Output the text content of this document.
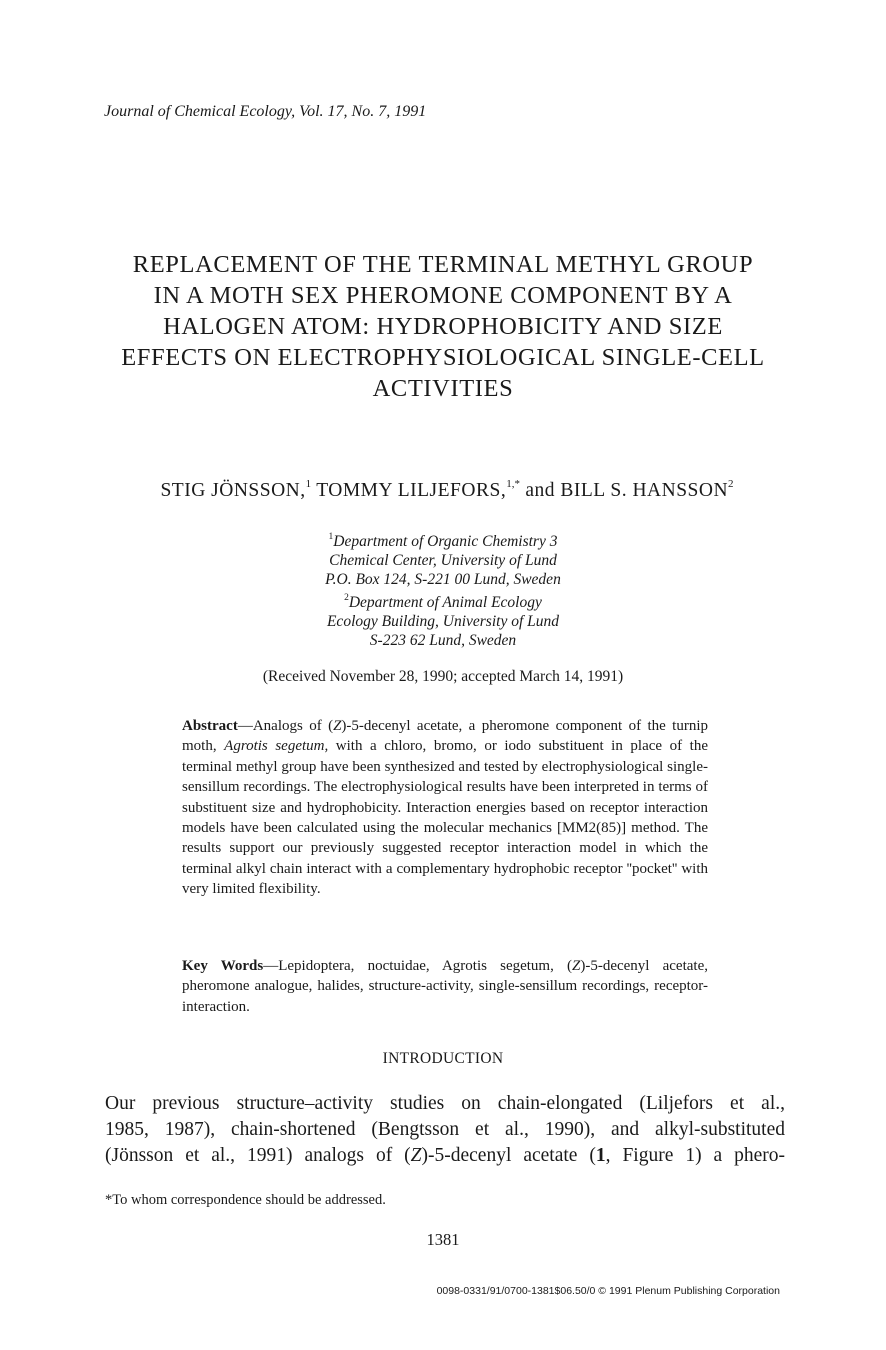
Journal of Chemical Ecology, Vol. 17, No. 7, 1991
REPLACEMENT OF THE TERMINAL METHYL GROUP
IN A MOTH SEX PHEROMONE COMPONENT BY A
HALOGEN ATOM: HYDROPHOBICITY AND SIZE
EFFECTS ON ELECTROPHYSIOLOGICAL SINGLE-CELL
ACTIVITIES
STIG JÖNSSON,$^1$ TOMMY LILJEFORS,$^{1,*}$ and BILL S. HANSSON$^2$
$^1$Department of Organic Chemistry 3
Chemical Center, University of Lund
P.O. Box 124, S-221 00 Lund, Sweden
$^2$Department of Animal Ecology
Ecology Building, University of Lund
S-223 62 Lund, Sweden
(Received November 28, 1990; accepted March 14, 1991)
Abstract—Analogs of (Z)-5-decenyl acetate, a pheromone component of the turnip moth, Agrotis segetum, with a chloro, bromo, or iodo substituent in place of the terminal methyl group have been synthesized and tested by electrophysiological single-sensillum recordings. The electrophysiological results have been interpreted in terms of substituent size and hydrophobicity. Interaction energies based on receptor interaction models have been calculated using the molecular mechanics [MM2(85)] method. The results support our previously suggested receptor interaction model in which the terminal alkyl chain interact with a complementary hydrophobic receptor ''pocket'' with very limited flexibility.
Key Words—Lepidoptera, noctuidae, Agrotis segetum, (Z)-5-decenyl acetate, pheromone analogue, halides, structure-activity, single-sensillum recordings, receptor-interaction.
INTRODUCTION
Our previous structure–activity studies on chain-elongated (Liljefors et al.,
1985, 1987), chain-shortened (Bengtsson et al., 1990), and alkyl-substituted
(Jönsson et al., 1991) analogs of (Z)-5-decenyl acetate (1, Figure 1) a phero-
*To whom correspondence should be addressed.
1381
0098-0331/91/0700-1381$06.50/0 © 1991 Plenum Publishing Corporation
